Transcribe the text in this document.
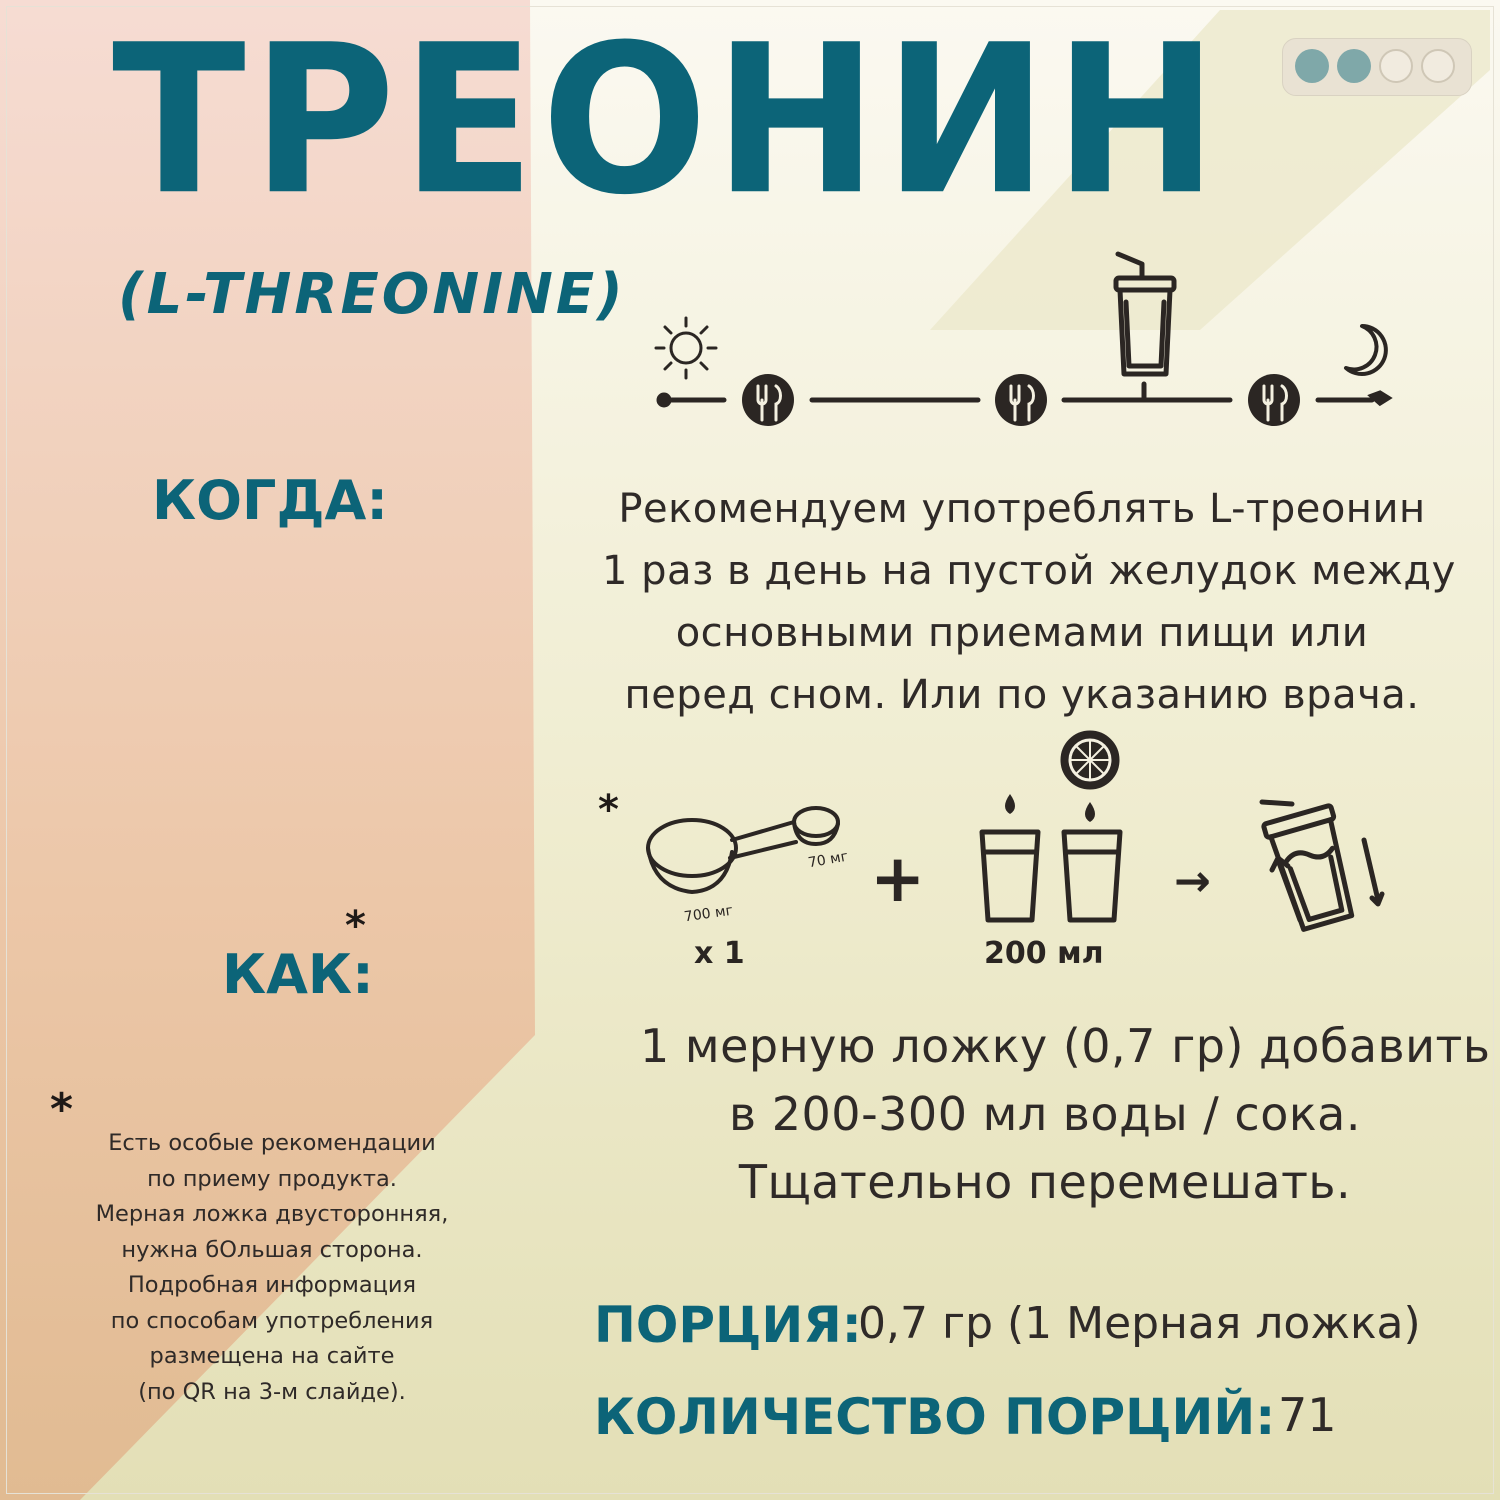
ТРЕОНИН
(L-THREONINE)
КОГДА:	Рекомендуем употреблять L-треонин
1 раз в день на пустой желудок между
основными приемами пищи или
перед сном. Или по указанию врача.
*
700 мг
70 мг
x 1
+
200 мл
→
КАК:
*
1 мерную ложку (0,7 гр) добавить
в 200-300 мл воды / сока.
Тщательно перемешать.
*
Есть особые рекомендации
по приему продукта.
Мерная ложка двусторонняя,
нужна бОльшая сторона.
Подробная информация
по способам употребления
размещена на сайте
(по QR на 3-м слайде).
ПОРЦИЯ:
0,7 гр (1 Мерная ложка)
КОЛИЧЕСТВО ПОРЦИЙ: 71
